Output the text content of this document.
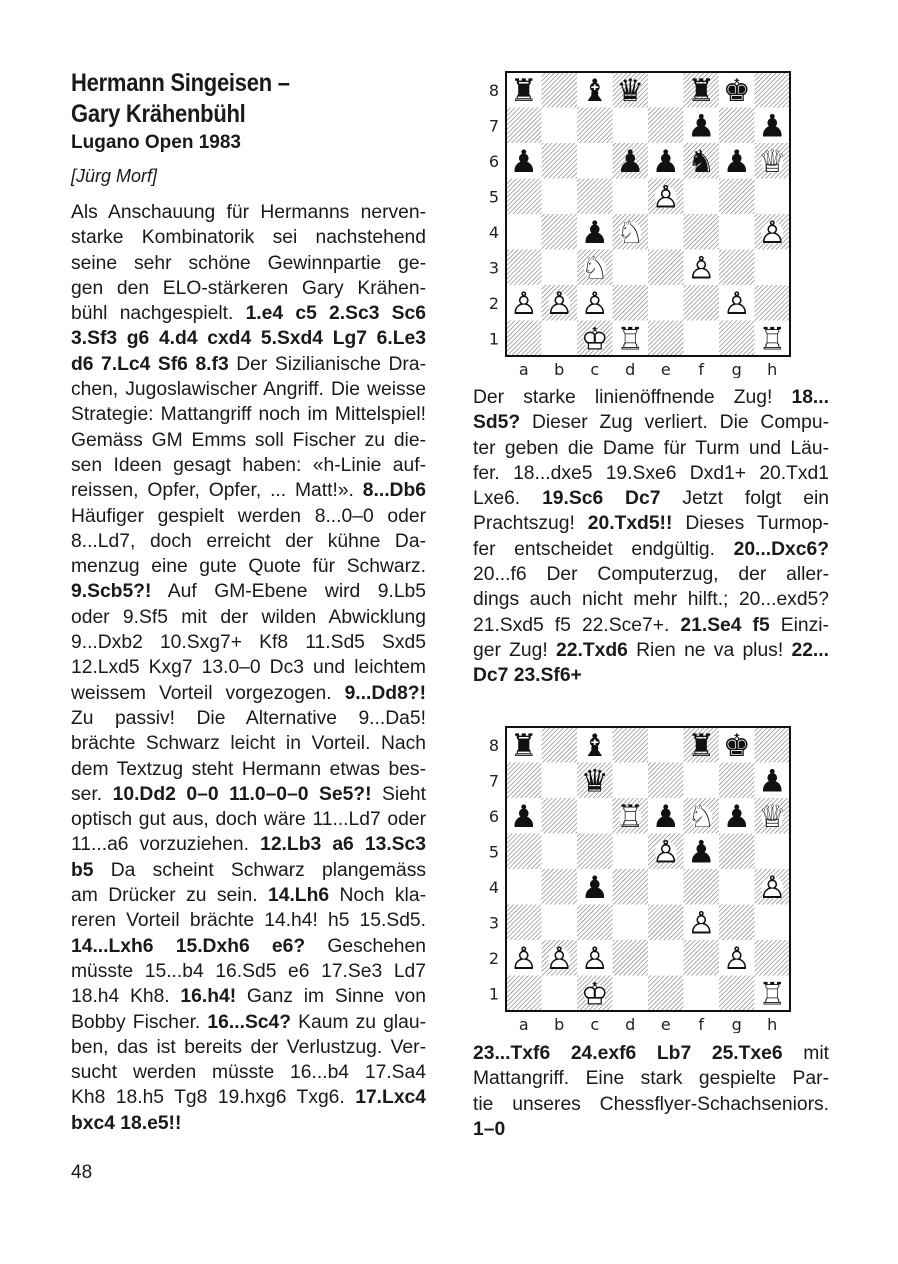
Hermann Singeisen –
Gary Krähenbühl
Lugano Open 1983
[Jürg Morf]
Als Anschauung für Hermanns nerven-
starke Kombinatorik sei nachstehend
seine sehr schöne Gewinnpartie ge-
gen den ELO-stärkeren Gary Krähen-
bühl nachgespielt. 1.e4 c5 2.Sc3 Sc6
3.Sf3 g6 4.d4 cxd4 5.Sxd4 Lg7 6.Le3
d6 7.Lc4 Sf6 8.f3 Der Sizilianische Dra-
chen, Jugoslawischer Angriff. Die weisse
Strategie: Mattangriff noch im Mittelspiel!
Gemäss GM Emms soll Fischer zu die-
sen Ideen gesagt haben: «h-Linie auf-
reissen, Opfer, Opfer, ... Matt!». 8...Db6
Häufiger gespielt werden 8...0–0 oder
8...Ld7, doch erreicht der kühne Da-
menzug eine gute Quote für Schwarz.
9.Scb5?! Auf GM-Ebene wird 9.Lb5
oder 9.Sf5 mit der wilden Abwicklung
9...Dxb2 10.Sxg7+ Kf8 11.Sd5 Sxd5
12.Lxd5 Kxg7 13.0–0 Dc3 und leichtem
weissem Vorteil vorgezogen. 9...Dd8?!
Zu passiv! Die Alternative 9...Da5!
brächte Schwarz leicht in Vorteil. Nach
dem Textzug steht Hermann etwas bes-
ser. 10.Dd2 0–0 11.0–0–0 Se5?! Sieht
optisch gut aus, doch wäre 11...Ld7 oder
11...a6 vorzuziehen. 12.Lb3 a6 13.Sc3
b5 Da scheint Schwarz plangemäss
am Drücker zu sein. 14.Lh6 Noch kla-
reren Vorteil brächte 14.h4! h5 15.Sd5.
14...Lxh6 15.Dxh6 e6? Geschehen
müsste 15...b4 16.Sd5 e6 17.Se3 Ld7
18.h4 Kh8. 16.h4! Ganz im Sinne von
Bobby Fischer. 16...Sc4? Kaum zu glau-
ben, das ist bereits der Verlustzug. Ver-
sucht werden müsste 16...b4 17.Sa4
Kh8 18.h5 Tg8 19.hxg6 Txg6. 17.Lxc4
bxc4 18.e5!!
♜ ♝ ♛ ♜ ♚
♟ ♟
♟	♟ ♟ ♞ ♟ ♕
♙
♟ ♘	♙
♘	♙
♙ ♙ ♙	♙
♔ ♖	♖
8
7
6
5
4
3
2
1
a b c d e f g h
Der starke linienöffnende Zug! 18...
Sd5? Dieser Zug verliert. Die Compu-
ter geben die Dame für Turm und Läu-
fer. 18...dxe5 19.Sxe6 Dxd1+ 20.Txd1
Lxe6. 19.Sc6 Dc7 Jetzt folgt ein
Prachtszug! 20.Txd5!! Dieses Turmop-
fer entscheidet endgültig. 20...Dxc6?
20...f6 Der Computerzug, der aller-
dings auch nicht mehr hilft.; 20...exd5?
21.Sxd5 f5 22.Sce7+. 21.Se4 f5 Einzi-
ger Zug! 22.Txd6 Rien ne va plus! 22...
Dc7 23.Sf6+
♜ ♝	♜ ♚
♛	♟
♟	♖ ♟ ♘ ♟ ♕
♙ ♟
♟	♙
♙
♙ ♙ ♙	♙
♔	♖
8
7
6
5
4
3
2
1
a b c d e f g h
23...Txf6 24.exf6 Lb7 25.Txe6 mit
Mattangriff. Eine stark gespielte Par-
tie unseres Chessflyer-Schachseniors.
1–0
48
